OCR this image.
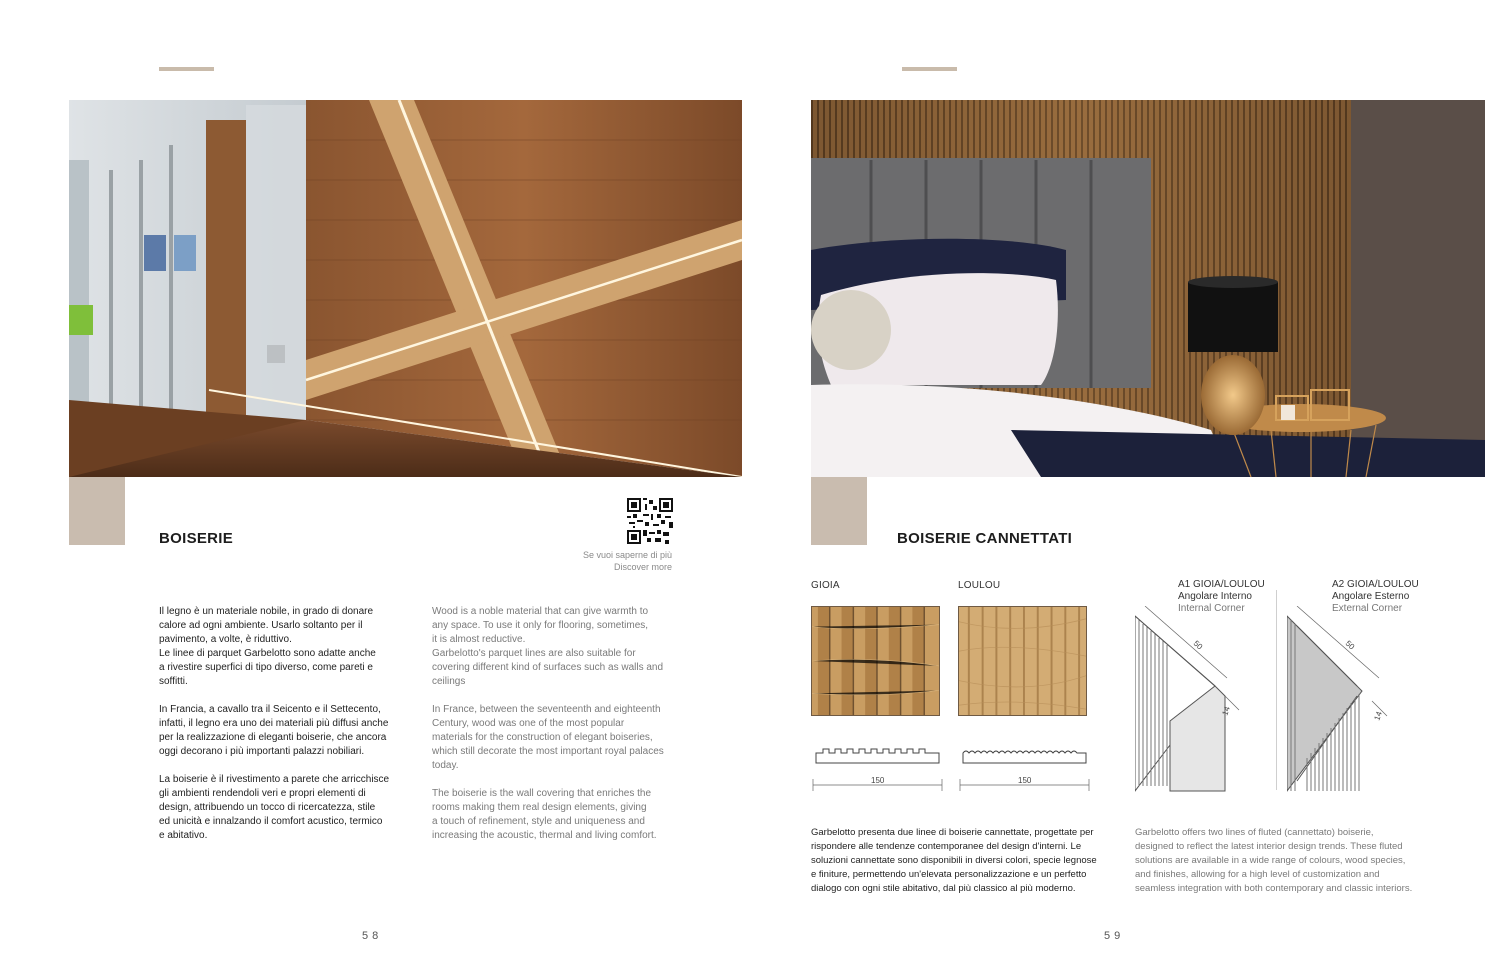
BOISERIE
Se vuoi saperne di più
Discover more

Il legno è un materiale nobile, in grado di donare
calore ad ogni ambiente. Usarlo soltanto per il
pavimento, a volte, è riduttivo.
Le linee di parquet Garbelotto sono adatte anche
a rivestire superfici di tipo diverso, come pareti e
soffitti.

In Francia, a cavallo tra il Seicento e il Settecento,
infatti, il legno era uno dei materiali più diffusi anche
per la realizzazione di eleganti boiserie, che ancora
oggi decorano i più importanti palazzi nobiliari.

La boiserie è il rivestimento a parete che arricchisce
gli ambienti rendendoli veri e propri elementi di
design, attribuendo un tocco di ricercatezza, stile
ed unicità e innalzando il comfort acustico, termico
e abitativo.

Wood is a noble material that can give warmth to
any space. To use it only for flooring, sometimes,
it is almost reductive.
Garbelotto's parquet lines are also suitable for
covering different kind of surfaces such as walls and
ceilings

In France, between the seventeenth and eighteenth
Century, wood was one of the most popular
materials for the construction of elegant boiseries,
which still decorate the most important royal palaces
today.

The boiserie is the wall covering that enriches the
rooms making them real design elements, giving
a touch of refinement, style and uniqueness and
increasing the acoustic, thermal and living comfort.

58
BOISERIE CANNETTATI
GIOIA
150
LOULOU
150
A1 GIOIA/LOULOU
Angolare Interno
Internal Corner
50
14
A2 GIOIA/LOULOU
Angolare Esterno
External Corner
50
14
Garbelotto presenta due linee di boiserie cannettate, progettate per
rispondere alle tendenze contemporanee del design d'interni. Le
soluzioni cannettate sono disponibili in diversi colori, specie legnose
e finiture, permettendo un'elevata personalizzazione e un perfetto
dialogo con ogni stile abitativo, dal più classico al più moderno.
Garbelotto offers two lines of fluted (cannettato) boiserie,
designed to reflect the latest interior design trends. These fluted
solutions are available in a wide range of colours, wood species,
and finishes, allowing for a high level of customization and
seamless integration with both contemporary and classic interiors.
59
